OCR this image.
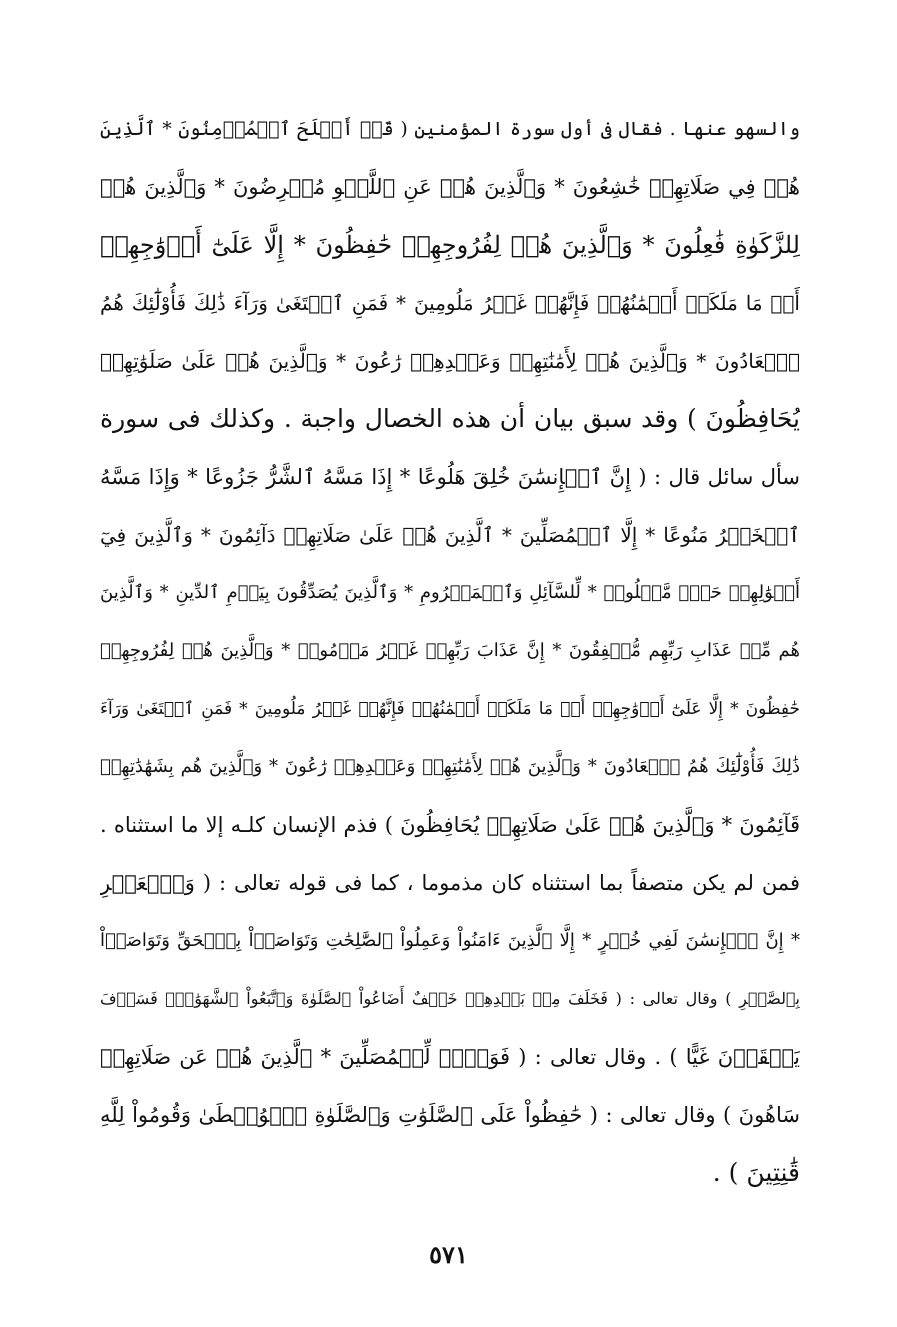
والسهو عنها . فقال فى أول سورة المؤمنين ( قَدۡ أَفۡلَحَ ٱلۡمُؤۡمِنُونَ * ٱلَّذِينَ
هُمۡ فِي صَلَاتِهِمۡ خَٰشِعُونَ * وَٱلَّذِينَ هُمۡ عَنِ ٱللَّغۡوِ مُعۡرِضُونَ * وَٱلَّذِينَ هُمۡ
لِلزَّكَوٰةِ فَٰعِلُونَ * وَٱلَّذِينَ هُمۡ لِفُرُوجِهِمۡ حَٰفِظُونَ * إِلَّا عَلَىٰٓ أَزۡوَٰجِهِمۡ
أَوۡ مَا مَلَكَتۡ أَيۡمَٰنُهُمۡ فَإِنَّهُمۡ غَيۡرُ مَلُومِينَ * فَمَنِ ٱبۡتَغَىٰ وَرَآءَ ذَٰلِكَ فَأُوْلَٰٓئِكَ هُمُ
ٱلۡعَادُونَ * وَٱلَّذِينَ هُمۡ لِأَمَٰنَٰتِهِمۡ وَعَهۡدِهِمۡ رَٰعُونَ * وَٱلَّذِينَ هُمۡ عَلَىٰ صَلَوَٰتِهِمۡ
يُحَافِظُونَ ) وقد سبق بيان أن هذه الخصال واجبة . وكذلك فى سورة
سأل سائل قال : ( إِنَّ ٱلۡإِنسَٰنَ خُلِقَ هَلُوعًا * إِذَا مَسَّهُ ٱلشَّرُّ جَزُوعًا * وَإِذَا مَسَّهُ
ٱلۡخَيۡرُ مَنُوعًا * إِلَّا ٱلۡمُصَلِّينَ * ٱلَّذِينَ هُمۡ عَلَىٰ صَلَاتِهِمۡ دَآئِمُونَ * وَٱلَّذِينَ فِيٓ
أَمۡوَٰلِهِمۡ حَقّٞ مَّعۡلُومٞ * لِّلسَّآئِلِ وَٱلۡمَحۡرُومِ * وَٱلَّذِينَ يُصَدِّقُونَ بِيَوۡمِ ٱلدِّينِ * وَٱلَّذِينَ
هُم مِّنۡ عَذَابِ رَبِّهِم مُّشۡفِقُونَ * إِنَّ عَذَابَ رَبِّهِمۡ غَيۡرُ مَأۡمُونٖ * وَٱلَّذِينَ هُمۡ لِفُرُوجِهِمۡ
حَٰفِظُونَ * إِلَّا عَلَىٰٓ أَزۡوَٰجِهِمۡ أَوۡ مَا مَلَكَتۡ أَيۡمَٰنُهُمۡ فَإِنَّهُمۡ غَيۡرُ مَلُومِينَ * فَمَنِ ٱبۡتَغَىٰ وَرَآءَ
ذَٰلِكَ فَأُوْلَٰٓئِكَ هُمُ ٱلۡعَادُونَ * وَٱلَّذِينَ هُمۡ لِأَمَٰنَٰتِهِمۡ وَعَهۡدِهِمۡ رَٰعُونَ * وَٱلَّذِينَ هُم بِشَهَٰدَٰتِهِمۡ
قَآئِمُونَ * وَٱلَّذِينَ هُمۡ عَلَىٰ صَلَاتِهِمۡ يُحَافِظُونَ ) فذم الإنسان كلـه إلا ما استثناه .
فمن لم يكن متصفاً بما استثناه كان مذموما ، كما فى قوله تعالى : ( وَٱلۡعَصۡرِ
* إِنَّ ٱلۡإِنسَٰنَ لَفِي خُسۡرٍ * إِلَّا ٱلَّذِينَ ءَامَنُواْ وَعَمِلُواْ ٱلصَّٰلِحَٰتِ وَتَوَاصَوۡاْ بِٱلۡحَقِّ وَتَوَاصَوۡاْ
بِٱلصَّبۡرِ ) وقال تعالى : ( فَخَلَفَ مِنۢ بَعۡدِهِمۡ خَلۡفٌ أَضَاعُواْ ٱلصَّلَوٰةَ وَٱتَّبَعُواْ ٱلشَّهَوَٰتِۖ فَسَوۡفَ
يَلۡقَوۡنَ غَيًّا ) . وقال تعالى : ( فَوَيۡلٞ لِّلۡمُصَلِّينَ * ٱلَّذِينَ هُمۡ عَن صَلَاتِهِمۡ
سَاهُونَ ) وقال تعالى : ( حَٰفِظُواْ عَلَى ٱلصَّلَوَٰتِ وَٱلصَّلَوٰةِ ٱلۡوُسۡطَىٰ وَقُومُواْ لِلَّهِ
قَٰنِتِينَ ) .
٥٧١
